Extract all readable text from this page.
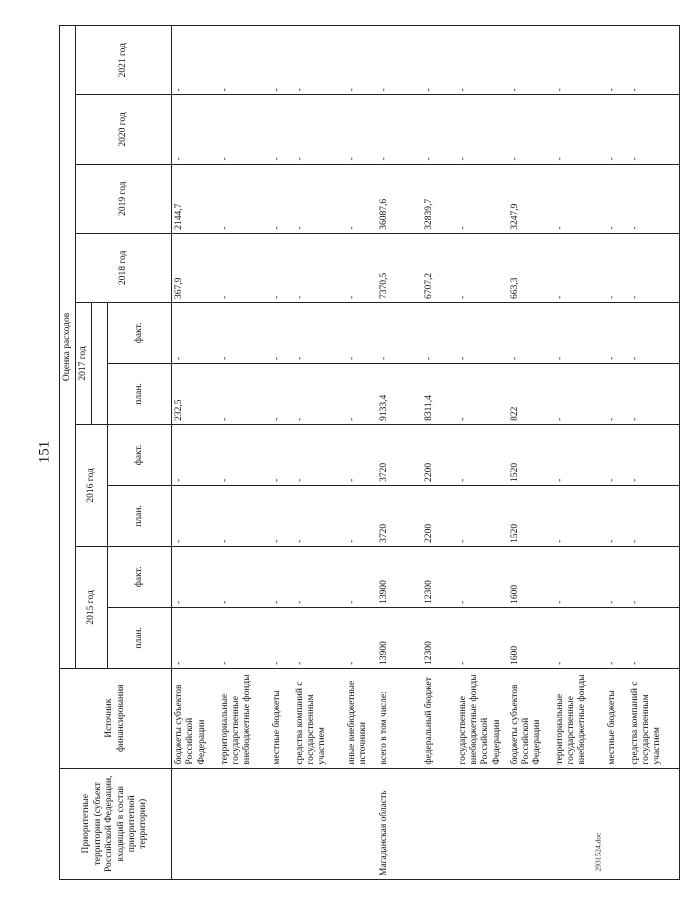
151
2931524.doc
Приоритетные территории (субъект Российской Федерации, входящий в состав приоритетной территории)	Источник финансирования	Оценка расходов									
		2015 год		2016 год		2017 год		2018 год	2019 год	2020 год	2021 год

		план.	факт.	план.	факт.	план.	факт.				
	бюджеты субъектов Российской Федерации	-	-	-	-	232,5	-	367,9	2144,7	-	-
	территориальные государственные внебюджетные фонды	-	-	-	-	-	-	-	-	-	-
	местные бюджеты	-	-	-	-	-	-	-	-	-	-
	средства компаний с государственным участием	-	-	-	-	-	-	-	-	-	-
	иные внебюджетные источники	-	-	-	-	-	-	-	-	-	-
Магаданская область	всего в том числе:	13900	13900	3720	3720	9133,4	-	7370,5	36087,6	-	-
	федеральный бюджет	12300	12300	2200	2200	8311,4	-	6707,2	32839,7	-	-
	государственные внебюджетные фонды Российской Федерации	-	-	-	-	-	-	-	-	-	-
	бюджеты субъектов Российской Федерации	1600	1600	1520	1520	822	-	663,3	3247,9	-	-
	территориальные государственные внебюджетные фонды	-	-	-	-	-	-	-	-	-	-
	местные бюджеты	-	-	-	-	-	-	-	-	-	-
	средства компаний с государственным участием	-	-	-	-	-	-	-	-	-	-
